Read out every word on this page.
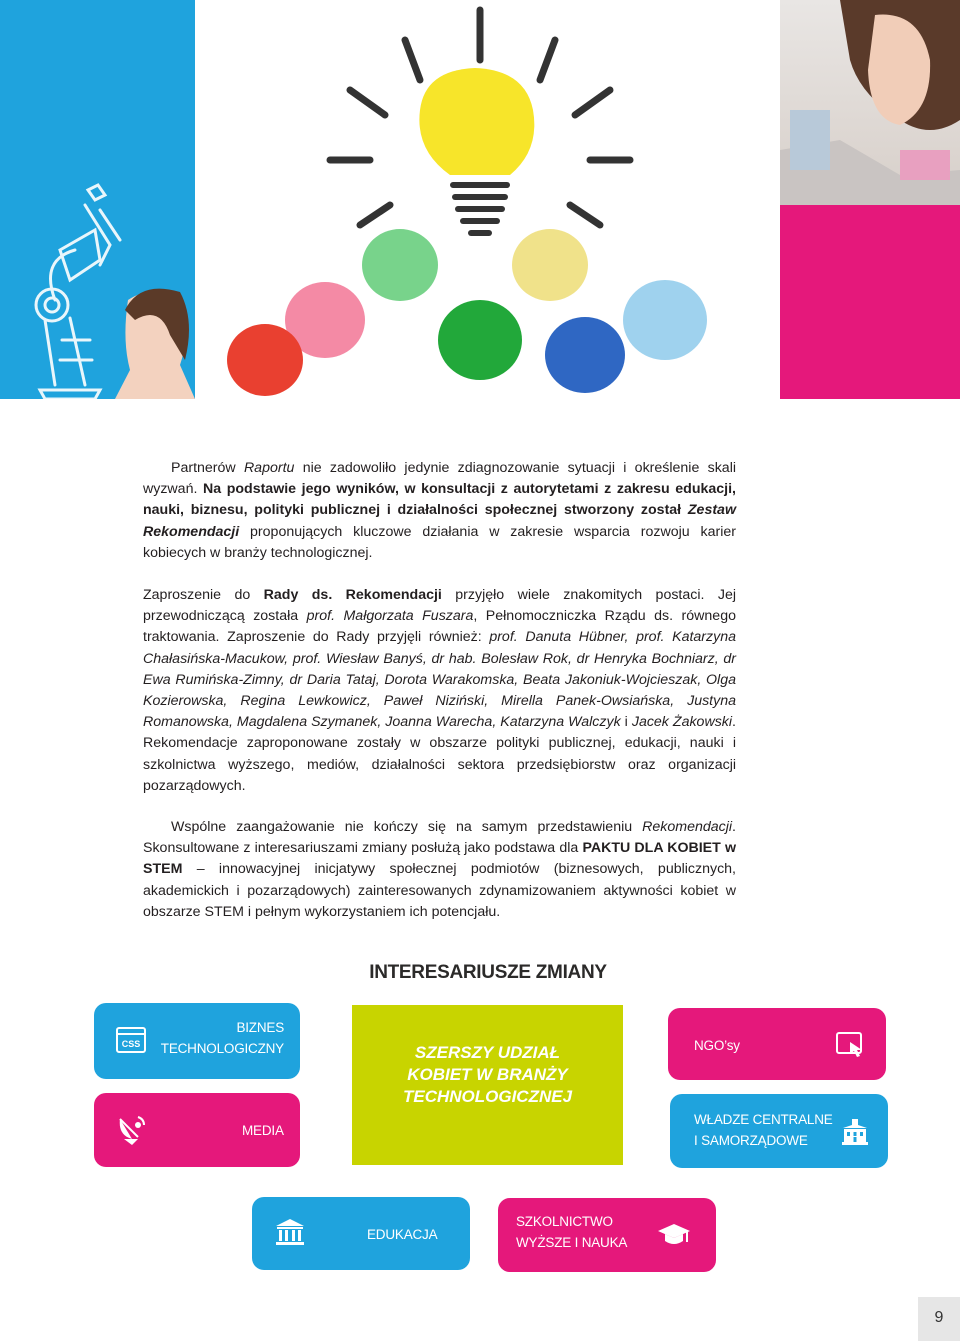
Partnerów Raportu nie zadowoliło jedynie zdiagnozowanie sytuacji i określenie skali wyzwań. Na podstawie jego wyników, w konsultacji z autorytetami z zakresu edukacji, nauki, biznesu, polityki publicznej i działalności społecznej stworzony został Zestaw Rekomendacji proponujących kluczowe działania w zakresie wsparcia rozwoju karier kobiecych w branży technologicznej.

Zaproszenie do Rady ds. Rekomendacji przyjęło wiele znakomitych postaci. Jej przewodniczącą została prof. Małgorzata Fuszara, Pełnomoczniczka Rządu ds. równego traktowania. Zaproszenie do Rady przyjęli również: prof. Danuta Hübner, prof. Katarzyna Chałasińska-Macukow, prof. Wiesław Banyś, dr hab. Bolesław Rok, dr Henryka Bochniarz, dr Ewa Rumińska-Zimny, dr Daria Tataj, Dorota Warakomska, Beata Jakoniuk-Wojcieszak, Olga Kozierowska, Regina Lewkowicz, Paweł Niziński, Mirella Panek-Owsiańska, Justyna Romanowska, Magdalena Szymanek, Joanna Warecha, Katarzyna Walczyk i Jacek Żakowski. Rekomendacje zaproponowane zostały w obszarze polityki publicznej, edukacji, nauki i szkolnictwa wyższego, mediów, działalności sektora przedsiębiorstw oraz organizacji pozarządowych.

Wspólne zaangażowanie nie kończy się na samym przedstawieniu Rekomendacji. Skonsultowane z interesariuszami zmiany posłużą jako podstawa dla PAKTU DLA KOBIET w STEM – innowacyjnej inicjatywy społecznej podmiotów (biznesowych, publicznych, akademickich i pozarządowych) zainteresowanych zdynamizowaniem aktywności kobiet w obszarze STEM i pełnym wykorzystaniem ich potencjału.

INTERESARIUSZE ZMIANY
CSS
BIZNES
TECHNOLOGICZNY
MEDIA
SZERSZY UDZIAŁ
KOBIET W BRANŻY
TECHNOLOGICZNEJ
NGO’sy
WŁADZE CENTRALNE
I SAMORZĄDOWE
EDUKACJA
SZKOLNICTWO
WYŻSZE I NAUKA
9
